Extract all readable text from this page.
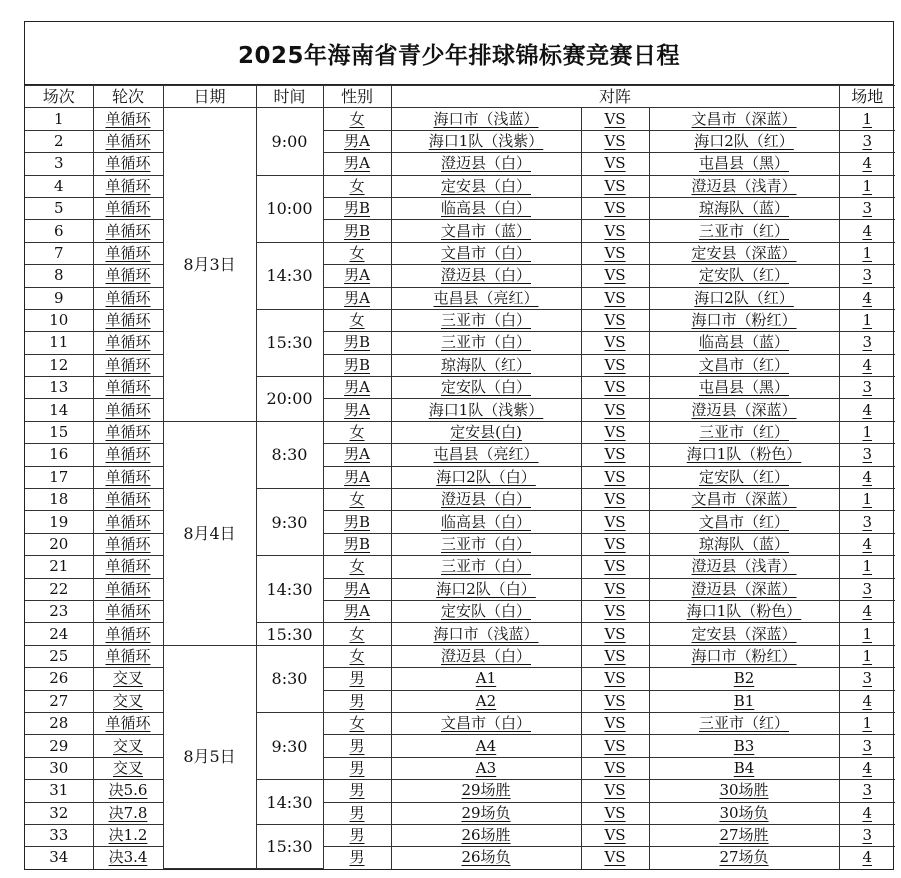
2025年海南省青少年排球锦标赛竞赛日程
场次	轮次	日期	时间	性别	对阵			场地
1	单循环	8月3日	9:00	女	海口市（浅蓝）	VS	文昌市（深蓝）	1
2	单循环			男A	海口1队（浅紫）	VS	海口2队（红）	3
3	单循环			男A	澄迈县（白）	VS	屯昌县（黑）	4
4	单循环		10:00	女	定安县（白）	VS	澄迈县（浅青）	1
5	单循环			男B	临高县（白）	VS	琼海队（蓝）	3
6	单循环			男B	文昌市（蓝）	VS	三亚市（红）	4
7	单循环		14:30	女	文昌市（白）	VS	定安县（深蓝）	1
8	单循环			男A	澄迈县（白）	VS	定安队（红）	3
9	单循环			男A	屯昌县（亮红）	VS	海口2队（红）	4
10	单循环		15:30	女	三亚市（白）	VS	海口市（粉红）	1
11	单循环			男B	三亚市（白）	VS	临高县（蓝）	3
12	单循环			男B	琼海队（红）	VS	文昌市（红）	4
13	单循环		20:00	男A	定安队（白）	VS	屯昌县（黑）	3
14	单循环			男A	海口1队（浅紫）	VS	澄迈县（深蓝）	4
15	单循环	8月4日	8:30	女	定安县(白)	VS	三亚市（红）	1
16	单循环			男A	屯昌县（亮红）	VS	海口1队（粉色）	3
17	单循环			男A	海口2队（白）	VS	定安队（红）	4
18	单循环		9:30	女	澄迈县（白）	VS	文昌市（深蓝）	1
19	单循环			男B	临高县（白）	VS	文昌市（红）	3
20	单循环			男B	三亚市（白）	VS	琼海队（蓝）	4
21	单循环		14:30	女	三亚市（白）	VS	澄迈县（浅青）	1
22	单循环			男A	海口2队（白）	VS	澄迈县（深蓝）	3
23	单循环			男A	定安队（白）	VS	海口1队（粉色）	4
24	单循环		15:30	女	海口市（浅蓝）	VS	定安县（深蓝）	1
25	单循环	8月5日	8:30	女	澄迈县（白）	VS	海口市（粉红）	1
26	交叉			男	A1	VS	B2	3
27	交叉			男	A2	VS	B1	4
28	单循环		9:30	女	文昌市（白）	VS	三亚市（红）	1
29	交叉			男	A4	VS	B3	3
30	交叉			男	A3	VS	B4	4
31	决5.6		14:30	男	29场胜	VS	30场胜	3
32	决7.8			男	29场负	VS	30场负	4
33	决1.2		15:30	男	26场胜	VS	27场胜	3
34	决3.4			男	26场负	VS	27场负	4
